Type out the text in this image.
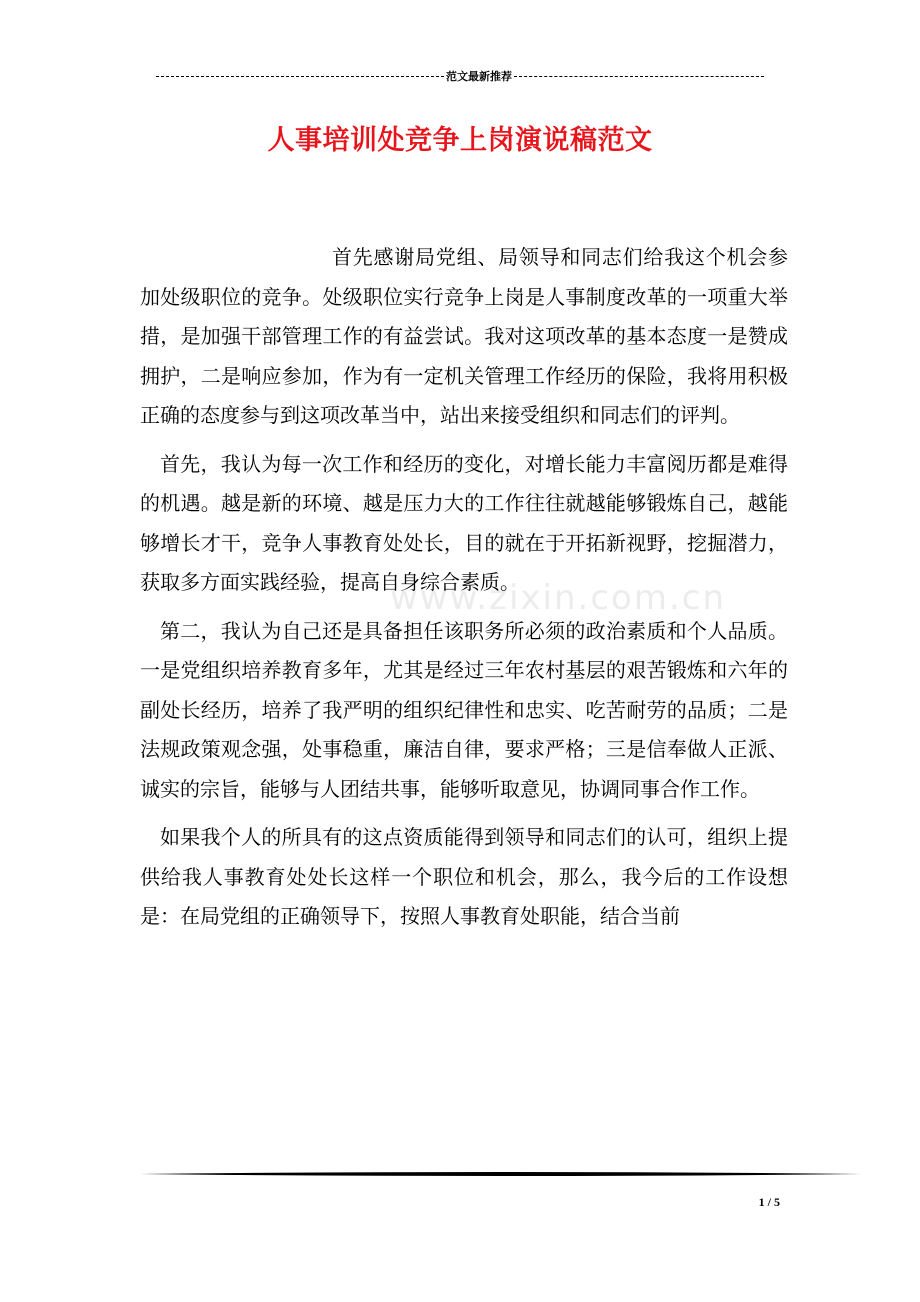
范文最新推荐
人事培训处竞争上岗演说稿范文
www.zixin.com.cn

首先感谢局党组、局领导和同志们给我这个机会参加处级职位的竞争。处级职位实行竞争上岗是人事制度改革的一项重大举措，是加强干部管理工作的有益尝试。我对这项改革的基本态度一是赞成拥护，二是响应参加，作为有一定机关管理工作经历的保险，我将用积极正确的态度参与到这项改革当中，站出来接受组织和同志们的评判。

首先，我认为每一次工作和经历的变化，对增长能力丰富阅历都是难得的机遇。越是新的环境、越是压力大的工作往往就越能够锻炼自己，越能够增长才干，竞争人事教育处处长，目的就在于开拓新视野，挖掘潜力，获取多方面实践经验，提高自身综合素质。

第二，我认为自己还是具备担任该职务所必须的政治素质和个人品质。一是党组织培养教育多年，尤其是经过三年农村基层的艰苦锻炼和六年的副处长经历，培养了我严明的组织纪律性和忠实、吃苦耐劳的品质；二是法规政策观念强，处事稳重，廉洁自律，要求严格；三是信奉做人正派、诚实的宗旨，能够与人团结共事，能够听取意见，协调同事合作工作。

如果我个人的所具有的这点资质能得到领导和同志们的认可，组织上提供给我人事教育处处长这样一个职位和机会，那么，我今后的工作设想是：在局党组的正确领导下，按照人事教育处职能，结合当前

1 / 5
